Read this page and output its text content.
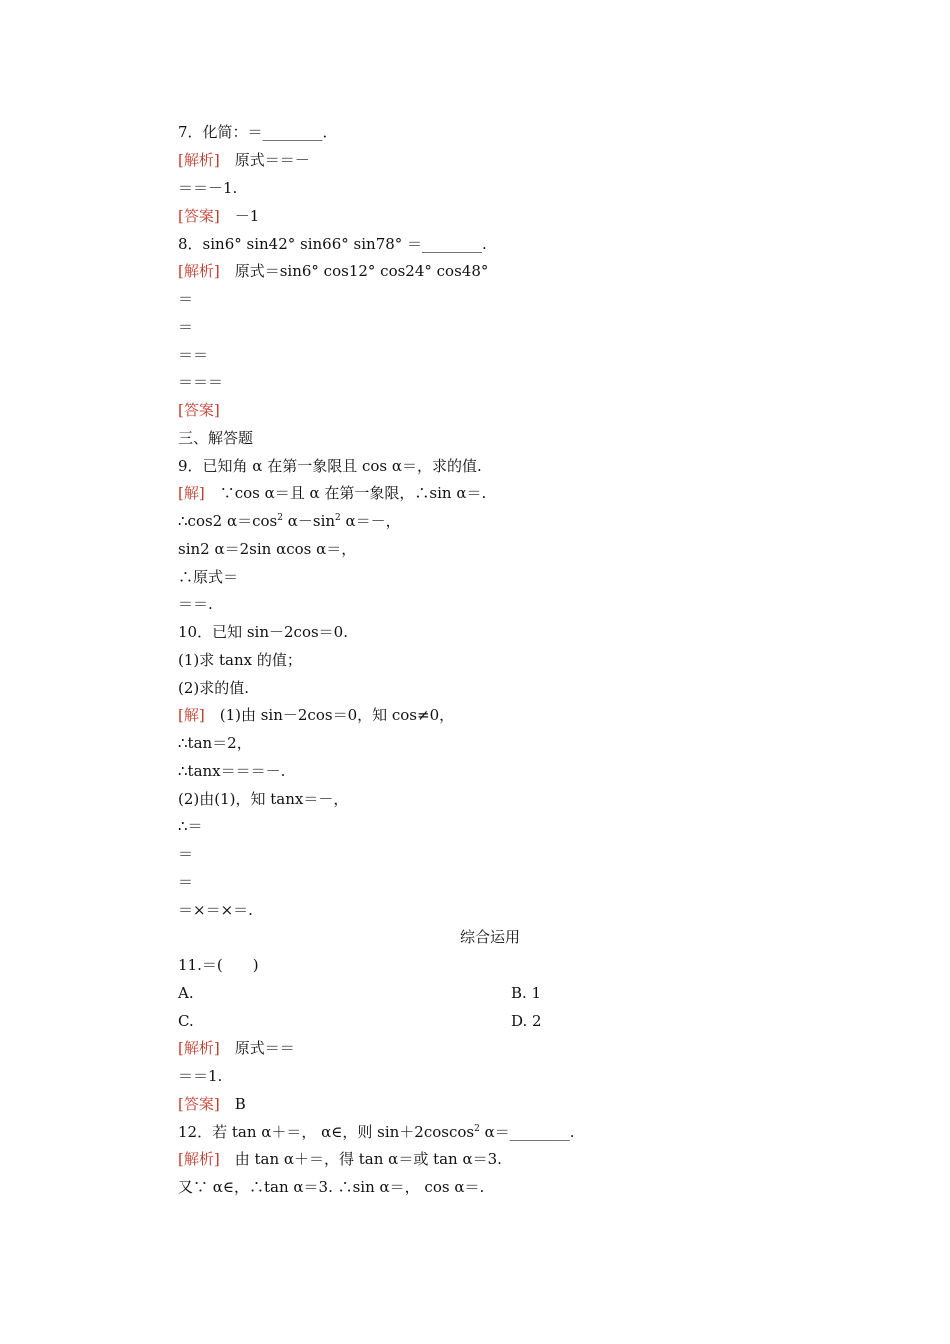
7．化简：＝________．
[解析]　原式＝＝－
＝＝－1.
[答案]　－1
8．sin6° sin42° sin66° sin78° ＝________.
[解析]　原式＝sin6° cos12° cos24° cos48°
＝
＝
＝＝
＝＝＝
[答案]
三、解答题
9．已知角 α 在第一象限且 cos α＝，求的值.
[解]　∵cos α＝且 α 在第一象限，∴sin α＝.
∴cos2 $\alpha=\cos^2$ $\alpha-\sin^2$ α＝－，
sin2 α＝2sin αcos α＝，
∴原式＝
＝＝.
10．已知 sin－2cos＝0.
(1)求 tanx 的值；
(2)求的值.
[解]　(1)由 sin－2cos＝0，知 cos≠0，
∴tan＝2，
∴tanx＝＝＝－.
(2)由(1)，知 tanx＝－，
∴＝
＝
＝
＝×＝×＝.
综合运用
11.＝(　　)
A.	B. 1
C.	D. 2
[解析]　原式＝＝
＝＝1.
[答案]　B
12．若 tan α＋＝， α∈，则 sin＋2coscos$^2$ α＝________.
[解析]　由 tan α＋＝，得 tan α＝或 tan α＝3.
又∵ α∈，∴tan α＝3. ∴sin α＝， cos α＝.
